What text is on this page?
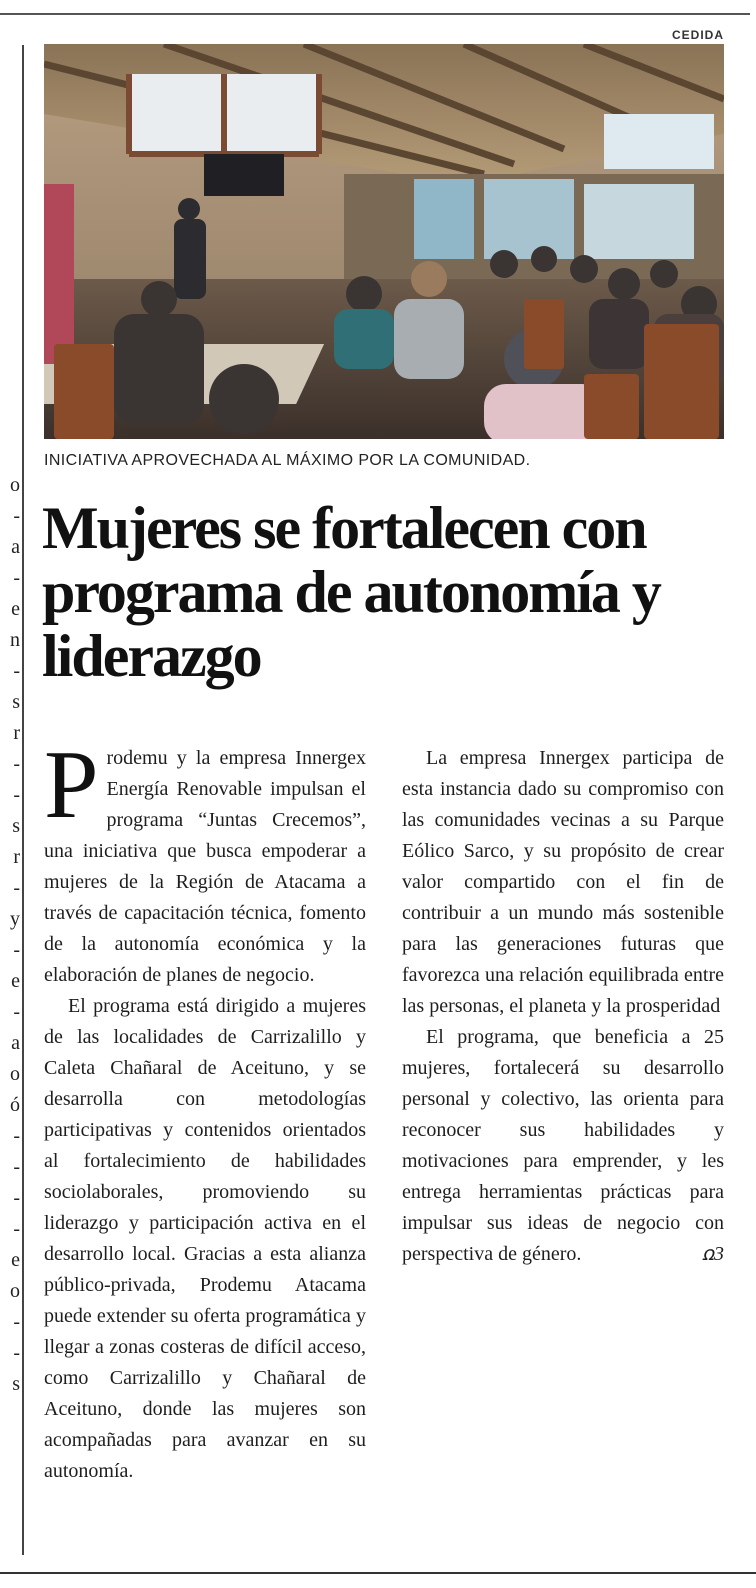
o
-
a
-
e
n
-
s
r
-
-
s
r
-
y
-
e
-
a
o
ó
-
-
-
-
e
o
-
-
s
CEDIDA
INICIATIVA APROVECHADA AL MÁXIMO POR LA COMUNIDAD.
Mujeres se fortalecen con programa de autonomía y liderazgo

Prodemu y la empresa Innergex Energía Renovable impulsan el programa “Juntas Crecemos”, una iniciativa que busca empoderar a mujeres de la Región de Atacama a través de capacitación técnica, fomento de la autonomía económica y la elaboración de planes de negocio.

El programa está dirigido a mujeres de las localidades de Carrizalillo y Caleta Chañaral de Aceituno, y se desarrolla con metodologías participativas y contenidos orientados al fortalecimiento de habilidades sociolaborales, promoviendo su liderazgo y participación activa en el desarrollo local. Gracias a esta alianza público-privada, Prodemu Atacama puede extender su oferta programática y llegar a zonas costeras de difícil acceso, como Carrizalillo y Chañaral de Aceituno, donde las mujeres son acompañadas para avanzar en su autonomía.

La empresa Innergex participa de esta instancia dado su compromiso con las comunidades vecinas a su Parque Eólico Sarco, y su propósito de crear valor compartido con el fin de contribuir a un mundo más sostenible para las generaciones futuras que favorezca una relación equilibrada entre las personas, el planeta y la prosperidad

El programa, que beneficia a 25 mujeres, fortalecerá su desarrollo personal y colectivo, las orienta para reconocer sus habilidades y motivaciones para emprender, y les entrega herramientas prácticas para impulsar sus ideas de negocio con perspectiva de género.	ꭥ3
